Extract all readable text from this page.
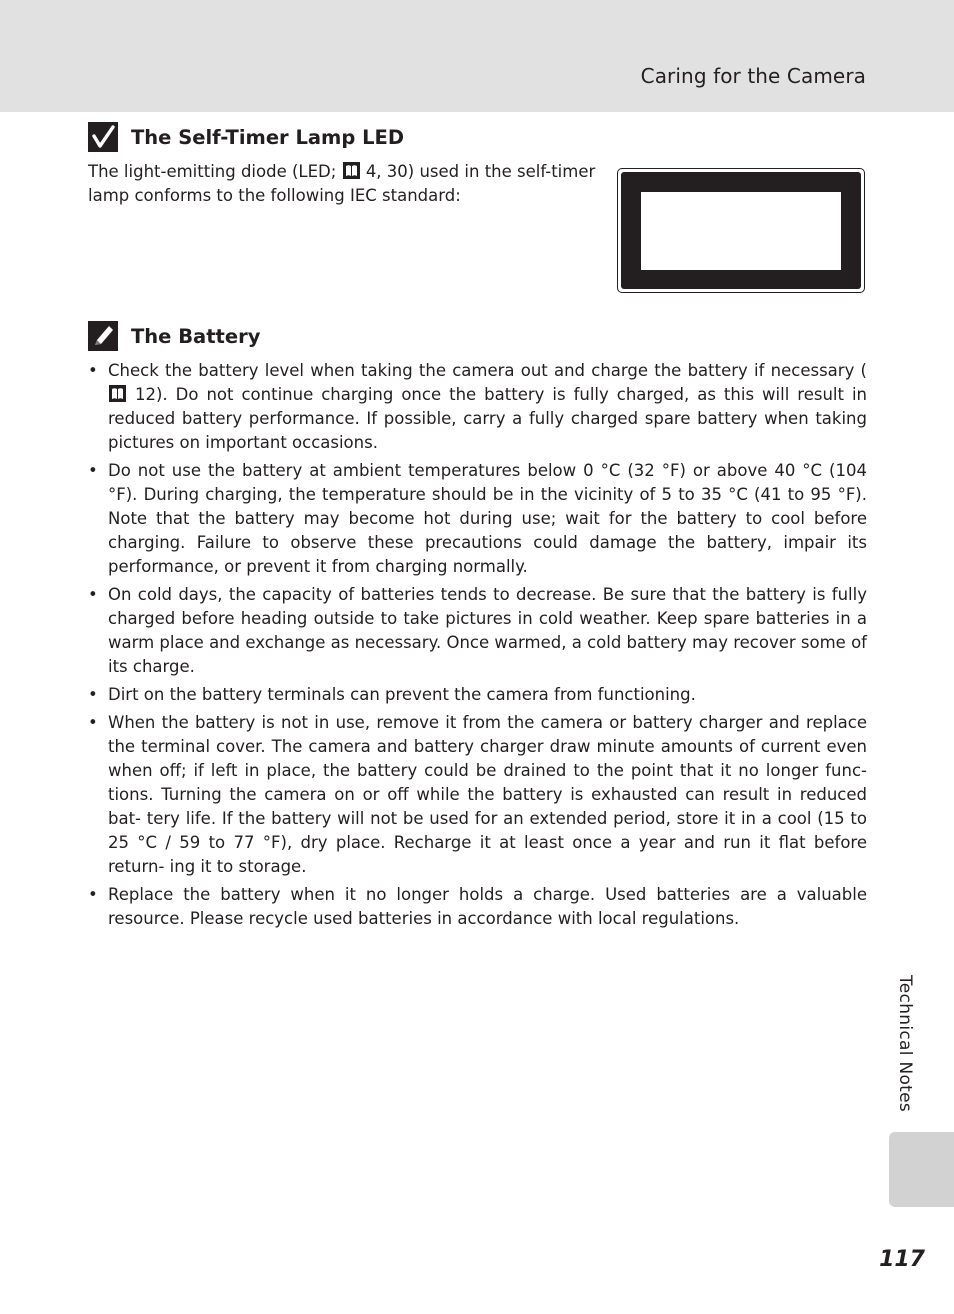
Caring for the Camera
The Self-Timer Lamp LED
The light-emitting diode (LED; 4, 30) used in the self-timer lamp conforms to the following IEC standard:
The Battery
• Check the battery level when taking the camera out and charge the battery if necessary ( 12). Do not continue charging once the battery is fully charged, as this will result in reduced battery performance. If possible, carry a fully charged spare battery when taking pictures on important occasions.
• Do not use the battery at ambient temperatures below 0 °C (32 °F) or above 40 °C (104 °F). During charging, the temperature should be in the vicinity of 5 to 35 °C (41 to 95 °F). Note that the battery may become hot during use; wait for the battery to cool before charging. Failure to observe these precautions could damage the battery, impair its performance, or prevent it from charging normally.
• On cold days, the capacity of batteries tends to decrease. Be sure that the battery is fully charged before heading outside to take pictures in cold weather. Keep spare batteries in a warm place and exchange as necessary. Once warmed, a cold battery may recover some of its charge.
• Dirt on the battery terminals can prevent the camera from functioning.
• When the battery is not in use, remove it from the camera or battery charger and replace the terminal cover. The camera and battery charger draw minute amounts of current even when off; if left in place, the battery could be drained to the point that it no longer func- tions. Turning the camera on or off while the battery is exhausted can result in reduced bat- tery life. If the battery will not be used for an extended period, store it in a cool (15 to 25 °C / 59 to 77 °F), dry place. Recharge it at least once a year and run it flat before return- ing it to storage.
• Replace the battery when it no longer holds a charge. Used batteries are a valuable resource. Please recycle used batteries in accordance with local regulations.
Technical Notes
117
